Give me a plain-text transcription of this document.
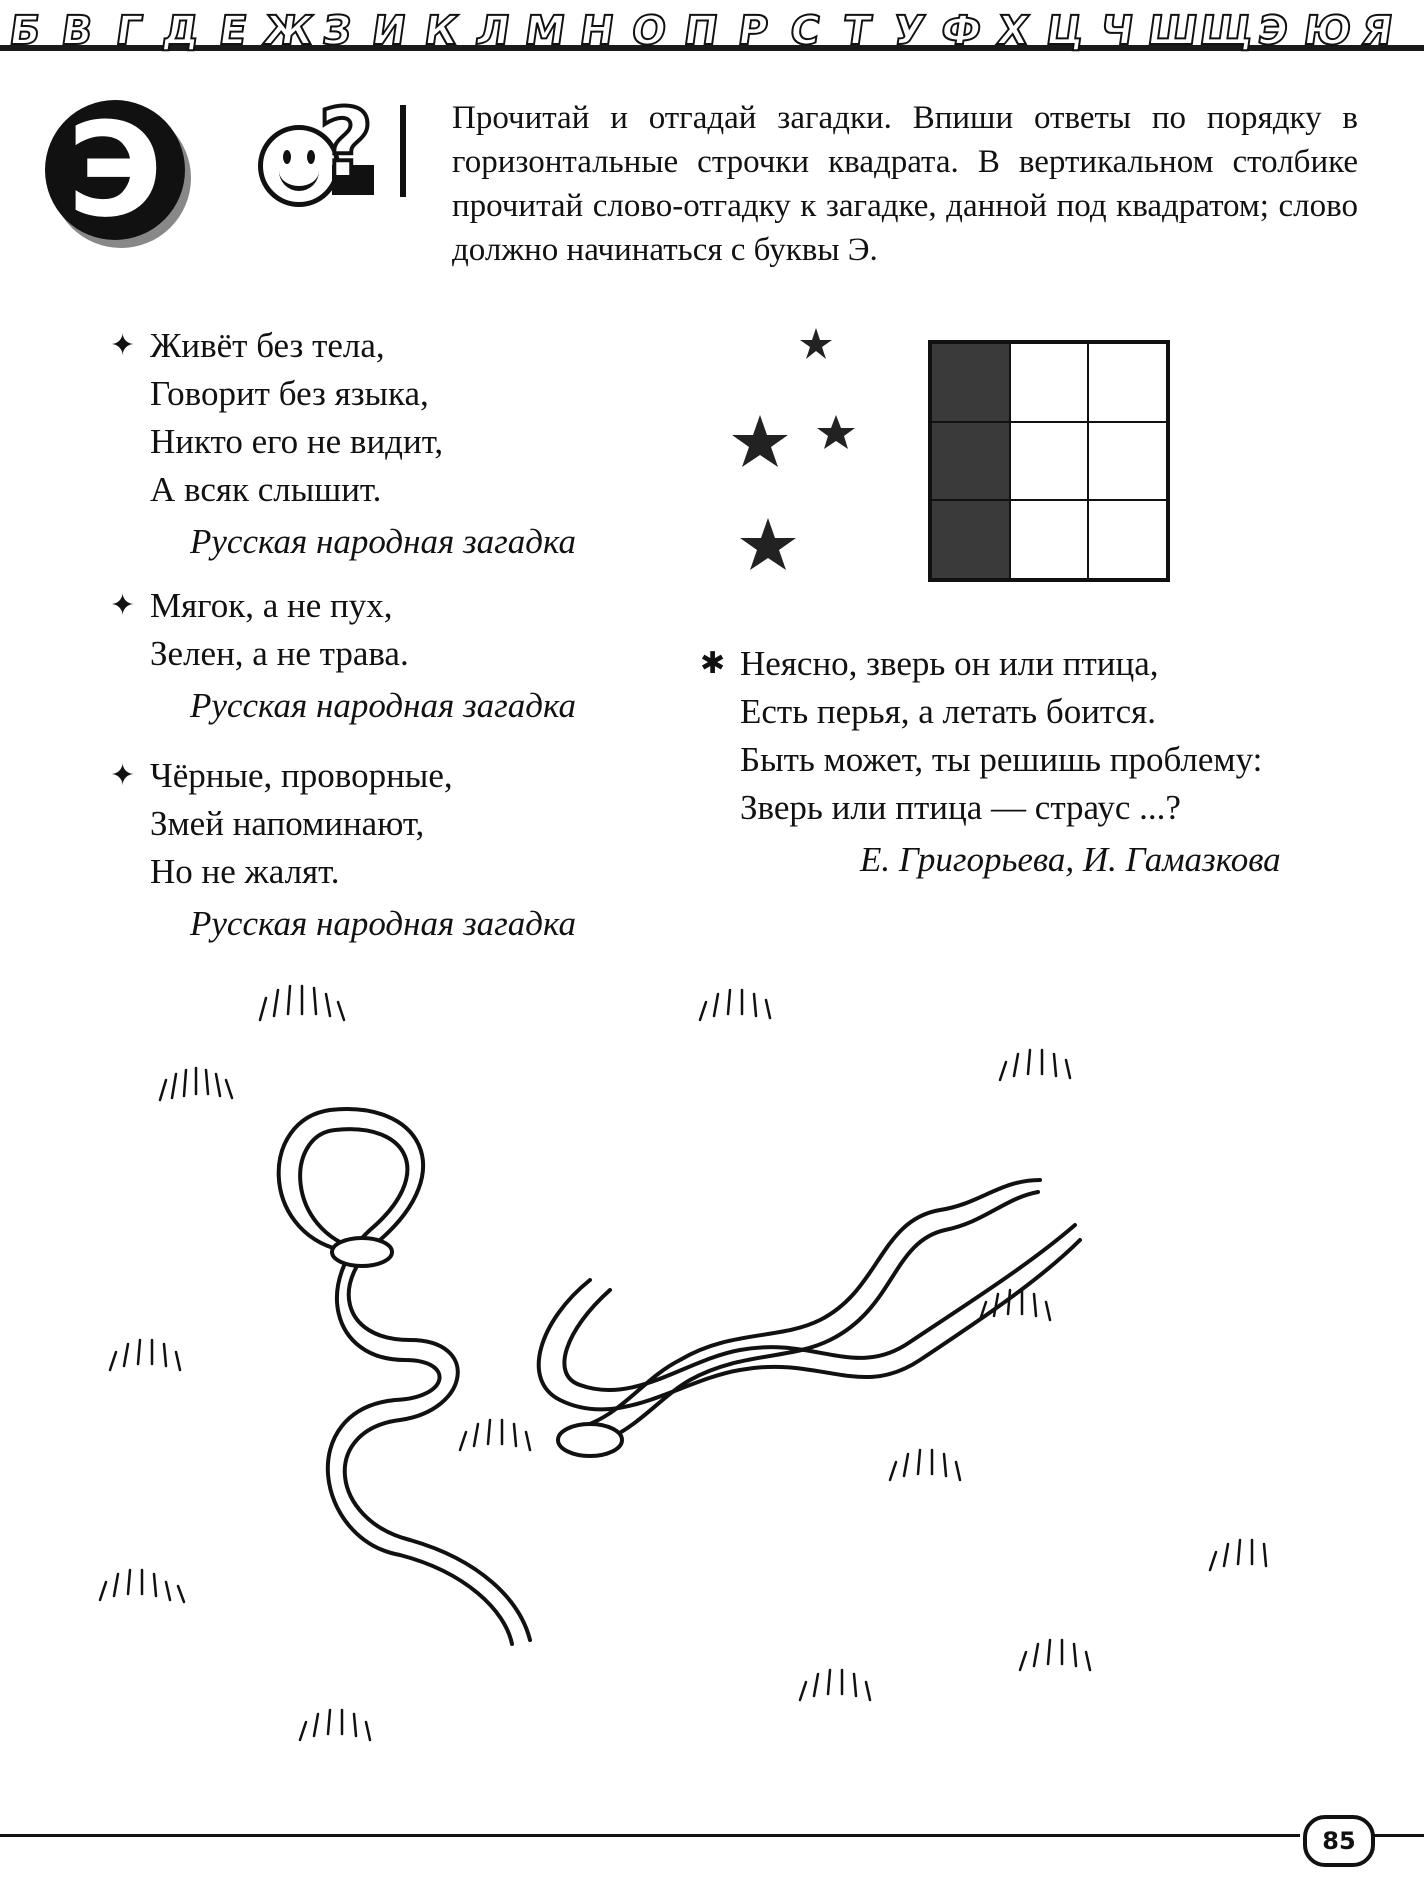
Б В Г Д Е Ж З И К Л М Н О П Р С Т У Ф Х Ц Ч Ш
Щ
Э Ю Я
Э ? Прочитай и отгадай загадки. Впиши ответы по порядку в горизонтальные строчки квадрата. В вертикальном столбике прочитай слово-отгадку к загадке, данной под квадратом; слово должно начинаться с буквы Э.
✦ Живёт без тела,
Говорит без языка,
Никто его не видит,
А всяк слышит.
Русская народная загадка
✦ Мягок, а не пух,
Зелен, а не трава.
Русская народная загадка
✦ Чёрные, проворные,
Змей напоминают,
Но не жалят.
Русская народная загадка
✱ Неясно, зверь он или птица,
Есть перья, а летать боится.
Быть может, ты решишь проблему:
Зверь или птица — страус ...?
Е. Григорьева, И. Гамазкова
85
